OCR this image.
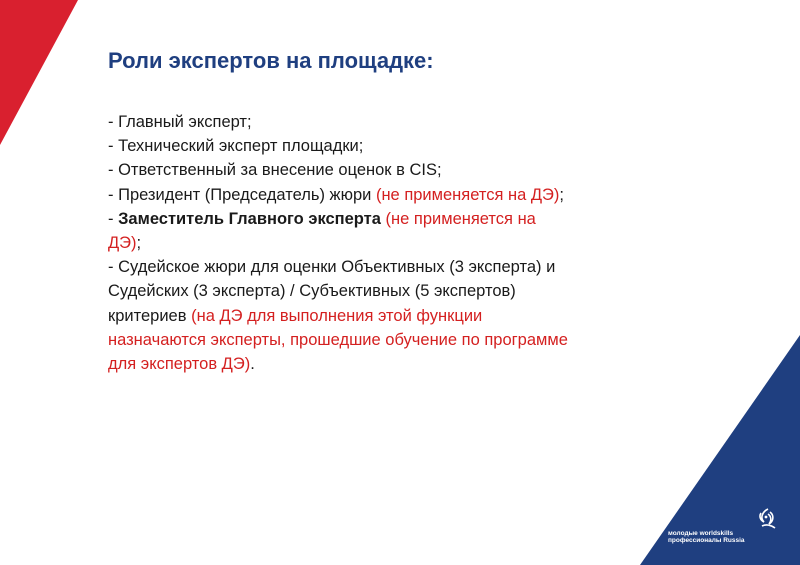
Роли экспертов на площадке:

- Главный эксперт;

- Технический эксперт площадки;

- Ответственный за внесение оценок в CIS;

- Президент (Председатель) жюри (не применяется на ДЭ);

- Заместитель Главного эксперта (не применяется на

ДЭ);

- Судейское жюри для оценки Объективных (3 эксперта) и

Судейских (3 эксперта) / Субъективных (5 экспертов)

критериев (на ДЭ для выполнения этой функции

назначаются эксперты, прошедшие обучение по программе

для экспертов ДЭ).

молодые worldskills
профессионалы Russia
